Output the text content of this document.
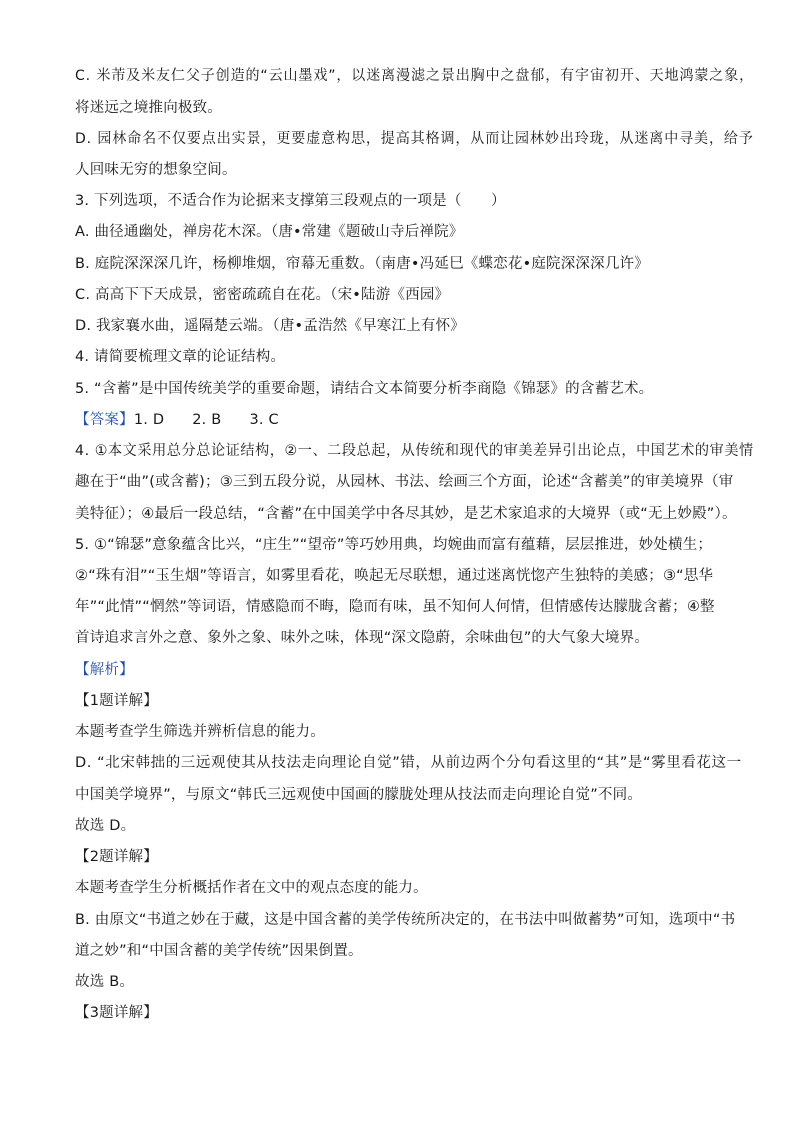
C. 米芾及米友仁父子创造的“云山墨戏”，以迷离漫滤之景出胸中之盘郁，有宇宙初开、天地鸿蒙之象，
将迷远之境推向极致。
D. 园林命名不仅要点出实景，更要虚意构思，提高其格调，从而让园林妙出玲珑，从迷离中寻美，给予
人回味无穷的想象空间。
3. 下列选项，不适合作为论据来支撑第三段观点的一项是（　　）
A. 曲径通幽处，禅房花木深。（唐•常建《题破山寺后禅院》
B. 庭院深深深几许，杨柳堆烟，帘幕无重数。（南唐•冯延巳《蝶恋花•庭院深深深几许》
C. 高高下下天成景，密密疏疏自在花。（宋•陆游《西园》
D. 我家襄水曲，遥隔楚云端。（唐•孟浩然《早寒江上有怀》
4. 请简要梳理文章的论证结构。
5. “含蓄”是中国传统美学的重要命题，请结合文本简要分析李商隐《锦瑟》的含蓄艺术。
【答案】1. D 2. B 3. C
4. ①本文采用总分总论证结构，②一、二段总起，从传统和现代的审美差异引出论点，中国艺术的审美情
趣在于“曲”(或含蓄)；③三到五段分说，从园林、书法、绘画三个方面，论述“含蓄美”的审美境界（审
美特征）；④最后一段总结，“含蓄”在中国美学中各尽其妙，是艺术家追求的大境界（或“无上妙殿”）。
5. ①“锦瑟”意象蕴含比兴，“庄生”“望帝”等巧妙用典，均婉曲而富有蕴藉，层层推进，妙处横生；
②“珠有泪”“玉生烟”等语言，如雾里看花，唤起无尽联想，通过迷离恍惚产生独特的美感；③“思华
年”“此情”“惘然”等词语，情感隐而不晦，隐而有味，虽不知何人何情，但情感传达朦胧含蓄；④整
首诗追求言外之意、象外之象、味外之味，体现“深文隐蔚，余味曲包”的大气象大境界。
【解析】
【1题详解】
本题考查学生筛选并辨析信息的能力。
D. “北宋韩拙的三远观使其从技法走向理论自觉”错，从前边两个分句看这里的“其”是“雾里看花这一
中国美学境界”，与原文“韩氏三远观使中国画的朦胧处理从技法而走向理论自觉”不同。
故选 D。
【2题详解】
本题考查学生分析概括作者在文中的观点态度的能力。
B. 由原文“书道之妙在于藏，这是中国含蓄的美学传统所决定的，在书法中叫做蓄势”可知，选项中“书
道之妙”和“中国含蓄的美学传统”因果倒置。
故选 B。
【3题详解】
